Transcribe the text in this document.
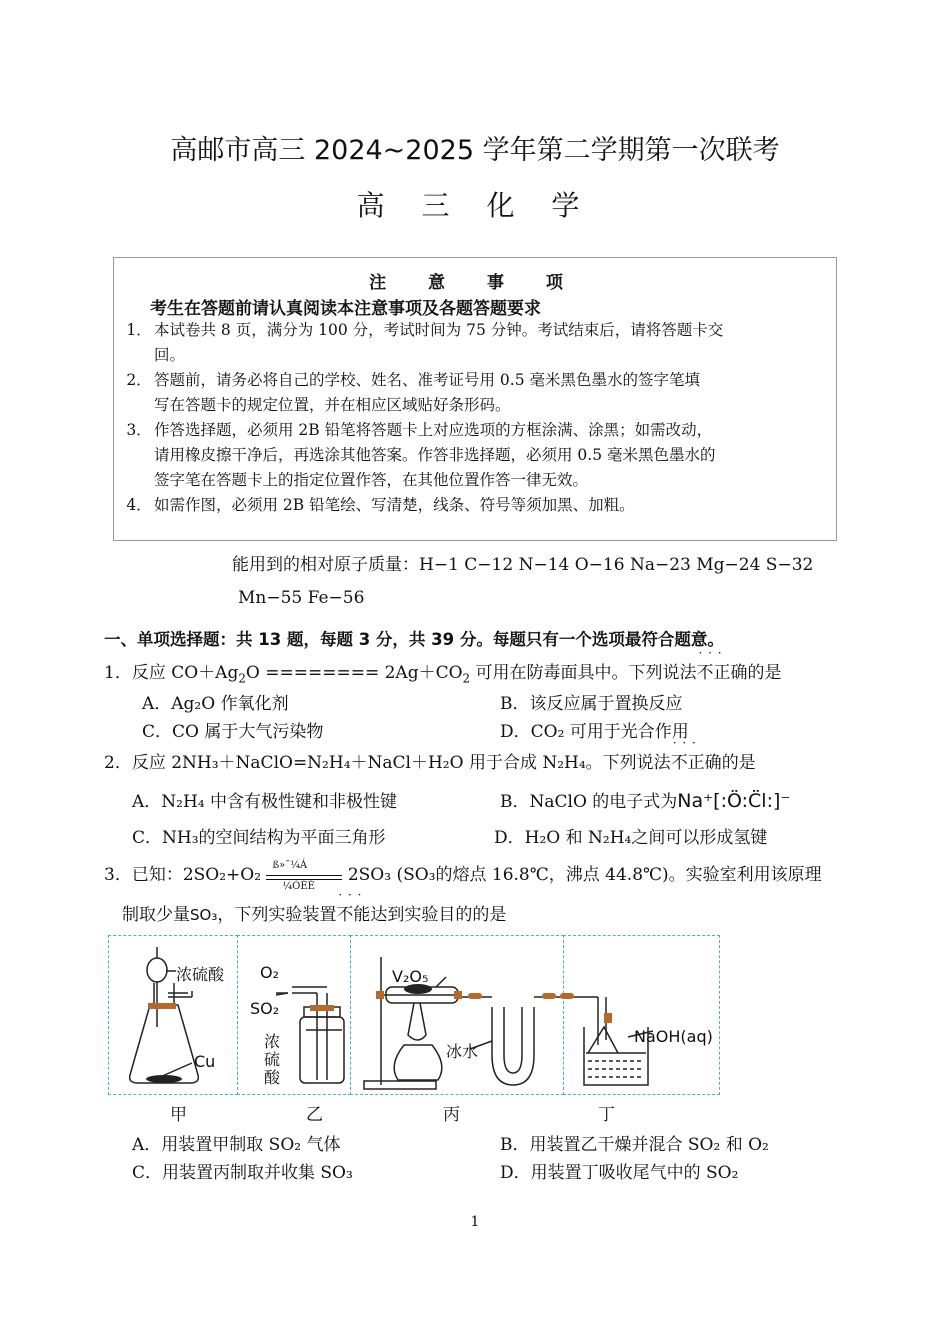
高邮市高三 2024~2025 学年第二学期第一次联考
高 三 化 学
注 意 事 项
考生在答题前请认真阅读本注意事项及各题答题要求
1． 本试卷共 8 页，满分为 100 分，考试时间为 75 分钟。考试结束后，请将答题卡交
回。
2． 答题前，请务必将自己的学校、姓名、准考证号用 0.5 毫米黑色墨水的签字笔填
写在答题卡的规定位置，并在相应区域贴好条形码。
3． 作答选择题，必须用 2B 铅笔将答题卡上对应选项的方框涂满、涂黑；如需改动，
请用橡皮擦干净后，再选涂其他答案。作答非选择题，必须用 0.5 毫米黑色墨水的
签字笔在答题卡上的指定位置作答，在其他位置作答一律无效。
4． 如需作图，必须用 2B 铅笔绘、写清楚，线条、符号等须加黑、加粗。
能用到的相对原子质量：H−1 C−12 N−14 O−16 Na−23 Mg−24 S−32
Mn−55 Fe−56
一、单项选择题：共 13 题，每题 3 分，共 39 分。每题只有一个选项最符合题意。
1．反应 $CO+Ag_2O$ ======== $2Ag+CO_2$ 可用在防毒面具中。下列说法· · · 不正确的是
A．Ag₂O 作氧化剂	B．该反应属于置换反应
C．CO 属于大气污染物	D．CO₂ 可用于光合作用
2．反应 2NH₃＋NaClO=N₂H₄＋NaCl＋H₂O 用于合成 N₂H₄。下列说法· · · 不正确的是
A．N₂H₄ 中含有极性键和非极性键	B．NaClO 的电子式为Na⁺[:Ö:C̈l:]⁻
C．NH₃的空间结构为平面三角形	D．H₂O 和 N₂H₄之间可以形成氢键
3．已知：2SO₂+O₂ ß»¯¼Á
¼ÓÈÈ
2SO₃ (SO₃的熔点 16.8℃，沸点 44.8℃)。实验室利用该原理
制取少量SO₃，下列实验装置· · · 不能达到实验目的的是
浓硫酸
Cu
O₂
SO₂
浓硫酸
V₂O₅
冰水
NaOH(aq)
甲	乙	丙	丁
A．用装置甲制取 SO₂ 气体	B．用装置乙干燥并混合 SO₂ 和 O₂
C．用装置丙制取并收集 SO₃	D．用装置丁吸收尾气中的 SO₂
1
